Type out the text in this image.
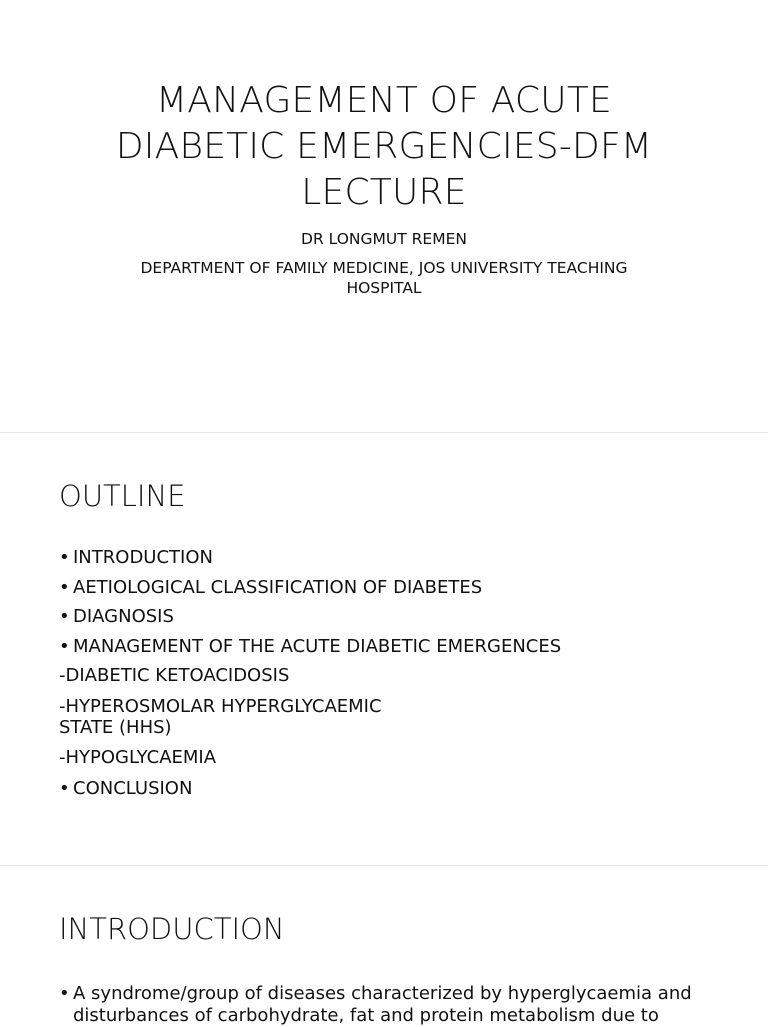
MANAGEMENT OF ACUTE DIABETIC EMERGENCIES-DFM LECTURE

DR LONGMUT REMEN

DEPARTMENT OF FAMILY MEDICINE, JOS UNIVERSITY TEACHING HOSPITAL

OUTLINE
• INTRODUCTION
• AETIOLOGICAL CLASSIFICATION OF DIABETES
• DIAGNOSIS
• MANAGEMENT OF THE ACUTE DIABETIC EMERGENCES
-DIABETIC KETOACIDOSIS
-HYPEROSMOLAR HYPERGLYCAEMIC STATE (HHS)
-HYPOGLYCAEMIA
• CONCLUSION
INTRODUCTION

• A syndrome/group of diseases characterized by hyperglycaemia and disturbances of carbohydrate, fat and protein metabolism due to
